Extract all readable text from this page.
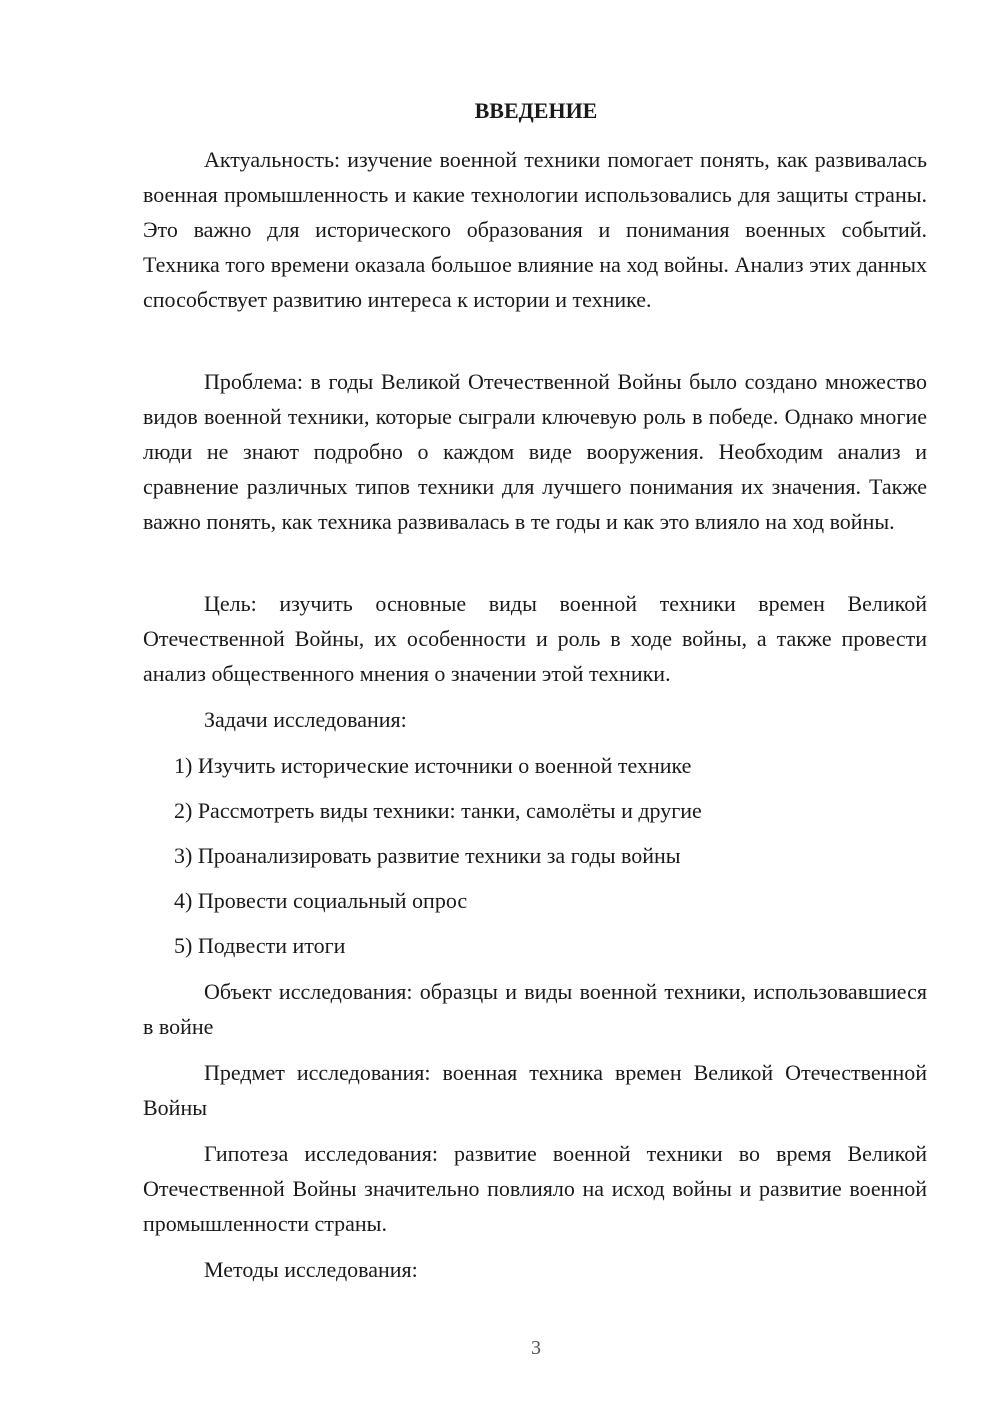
ВВЕДЕНИЕ

Актуальность: изучение военной техники помогает понять, как развивалась военная промышленность и какие технологии использовались для защиты страны. Это важно для исторического образования и понимания военных событий. Техника того времени оказала большое влияние на ход войны. Анализ этих данных способствует развитию интереса к истории и технике.

Проблема: в годы Великой Отечественной Войны было создано множество видов военной техники, которые сыграли ключевую роль в победе. Однако многие люди не знают подробно о каждом виде вооружения. Необходим анализ и сравнение различных типов техники для лучшего понимания их значения. Также важно понять, как техника развивалась в те годы и как это влияло на ход войны.

Цель: изучить основные виды военной техники времен Великой Отечественной Войны, их особенности и роль в ходе войны, а также провести анализ общественного мнения о значении этой техники.

Задачи исследования:

1) Изучить исторические источники о военной технике

2) Рассмотреть виды техники: танки, самолёты и другие

3) Проанализировать развитие техники за годы войны

4) Провести социальный опрос

5) Подвести итоги

Объект исследования: образцы и виды военной техники, использовавшиеся в войне

Предмет исследования: военная техника времен Великой Отечественной Войны

Гипотеза исследования: развитие военной техники во время Великой Отечественной Войны значительно повлияло на исход войны и развитие военной промышленности страны.

Методы исследования:

3
